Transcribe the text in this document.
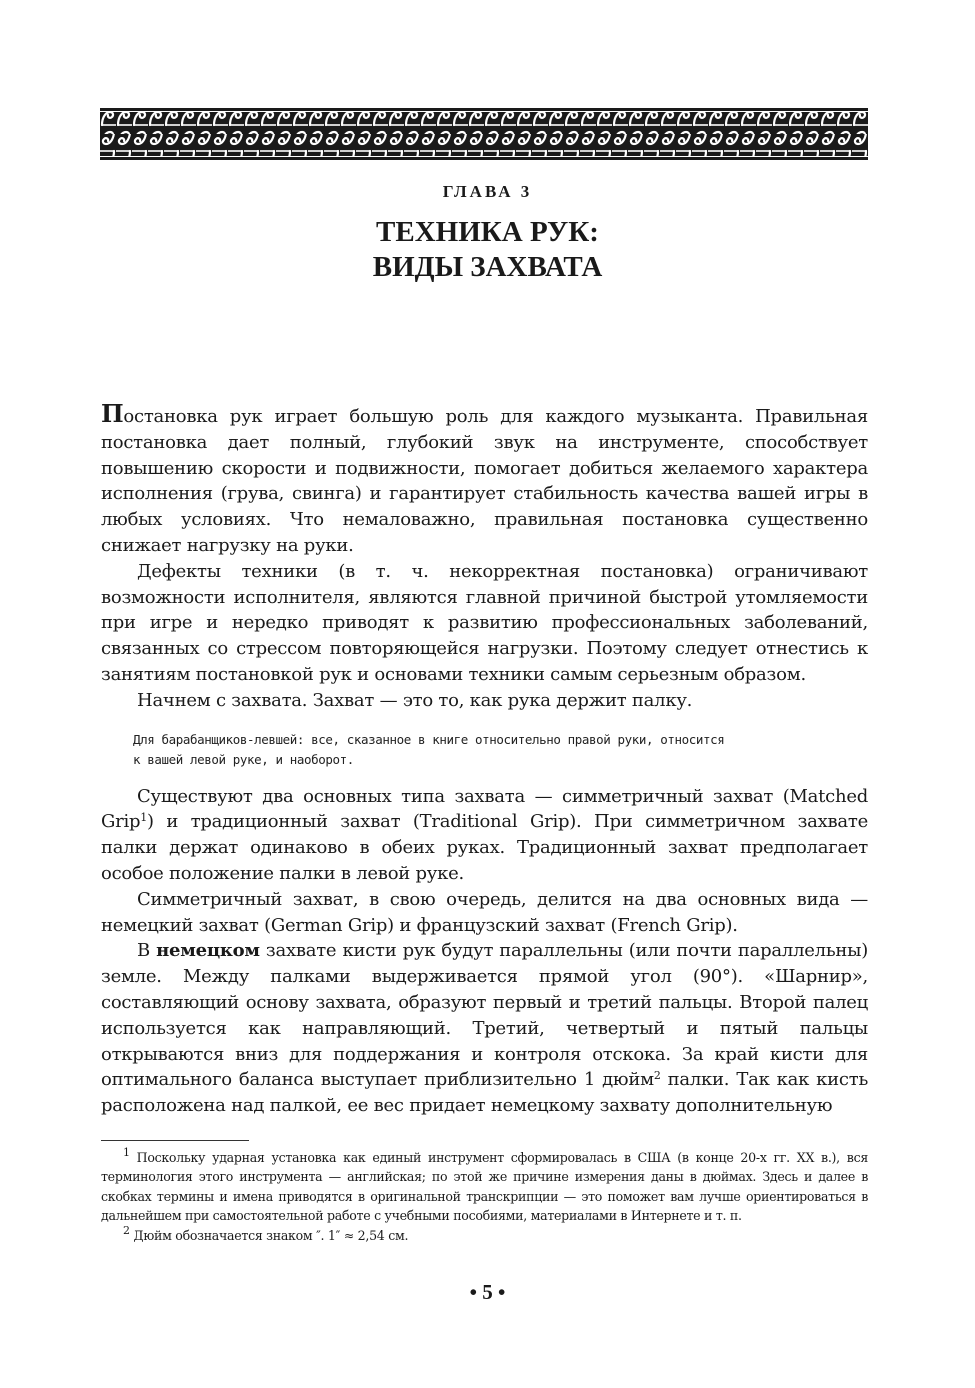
ГЛАВА 3
ТЕХНИКА РУК:
ВИДЫ ЗАХВАТА

Постановка рук играет большую роль для каждого музыканта. Правильная постановка дает полный, глубокий звук на инструменте, способствует повышению скорости и подвижности, помогает добиться желаемого характера исполнения (грува, свинга) и гарантирует стабильность качества вашей игры в любых условиях. Что немаловажно, правильная постановка существенно снижает нагрузку на руки.

Дефекты техники (в т. ч. некорректная постановка) ограничивают возможности исполнителя, являются главной причиной быстрой утомляемости при игре и нередко приводят к развитию профессиональных заболеваний, связанных со стрессом повторяющейся нагрузки. Поэтому следует отнестись к занятиям постановкой рук и основами техники самым серьезным образом.

Начнем с захвата. Захват — это то, как рука держит палку.

Для барабанщиков-левшей: все, сказанное в книге относительно правой руки, относится
к вашей левой руке, и наоборот.

Существуют два основных типа захвата — симметричный захват (Matched Grip$^1$) и традиционный захват (Traditional Grip). При симметричном захвате палки держат одинаково в обеих руках. Традиционный захват предполагает особое положение палки в левой руке.

Симметричный захват, в свою очередь, делится на два основных вида — немецкий захват (German Grip) и французский захват (French Grip).

В немецком захвате кисти рук будут параллельны (или почти параллельны) земле. Между палками выдерживается прямой угол (90°). «Шарнир», составляющий основу захвата, образуют первый и третий пальцы. Второй палец используется как направляющий. Третий, четвертый и пятый пальцы открываются вниз для поддержания и контроля отскока. За край кисти для оптимального баланса выступает приблизительно 1 дюйм$^2$ палки. Так как кисть расположена над палкой, ее вес придает немецкому захвату дополнительную

$^1$ Поскольку ударная установка как единый инструмент сформировалась в США (в конце 20-х гг. XX в.), вся терминология этого инструмента — английская; по этой же причине измерения даны в дюймах. Здесь и далее в скобках термины и имена приводятся в оригинальной транскрипции — это поможет вам лучше ориентироваться в дальнейшем при самостоятельной работе с учебными пособиями, материалами в Интернете и т. п.

$^2$ Дюйм обозначается знаком ″. 1″ ≈ 2,54 см.

• 5 •
